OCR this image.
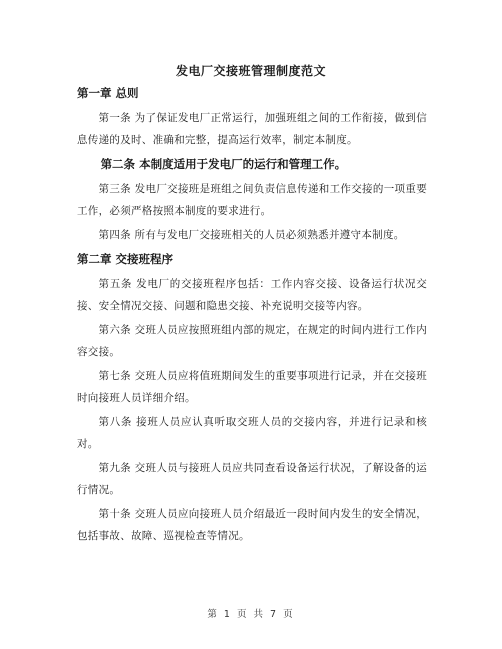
发电厂交接班管理制度范文
第一章 总则

第一条 为了保证发电厂正常运行，加强班组之间的工作衔接，做到信息传递的及时、准确和完整，提高运行效率，制定本制度。

第二条 本制度适用于发电厂的运行和管理工作。

第三条 发电厂交接班是班组之间负责信息传递和工作交接的一项重要工作，必须严格按照本制度的要求进行。

第四条 所有与发电厂交接班相关的人员必须熟悉并遵守本制度。

第二章 交接班程序

第五条 发电厂的交接班程序包括：工作内容交接、设备运行状况交接、安全情况交接、问题和隐患交接、补充说明交接等内容。

第六条 交班人员应按照班组内部的规定，在规定的时间内进行工作内容交接。

第七条 交班人员应将值班期间发生的重要事项进行记录，并在交接班时向接班人员详细介绍。

第八条 接班人员应认真听取交班人员的交接内容，并进行记录和核对。

第九条 交班人员与接班人员应共同查看设备运行状况，了解设备的运行情况。

第十条 交班人员应向接班人员介绍最近一段时间内发生的安全情况，包括事故、故障、巡视检查等情况。

第 1 页 共 7 页
